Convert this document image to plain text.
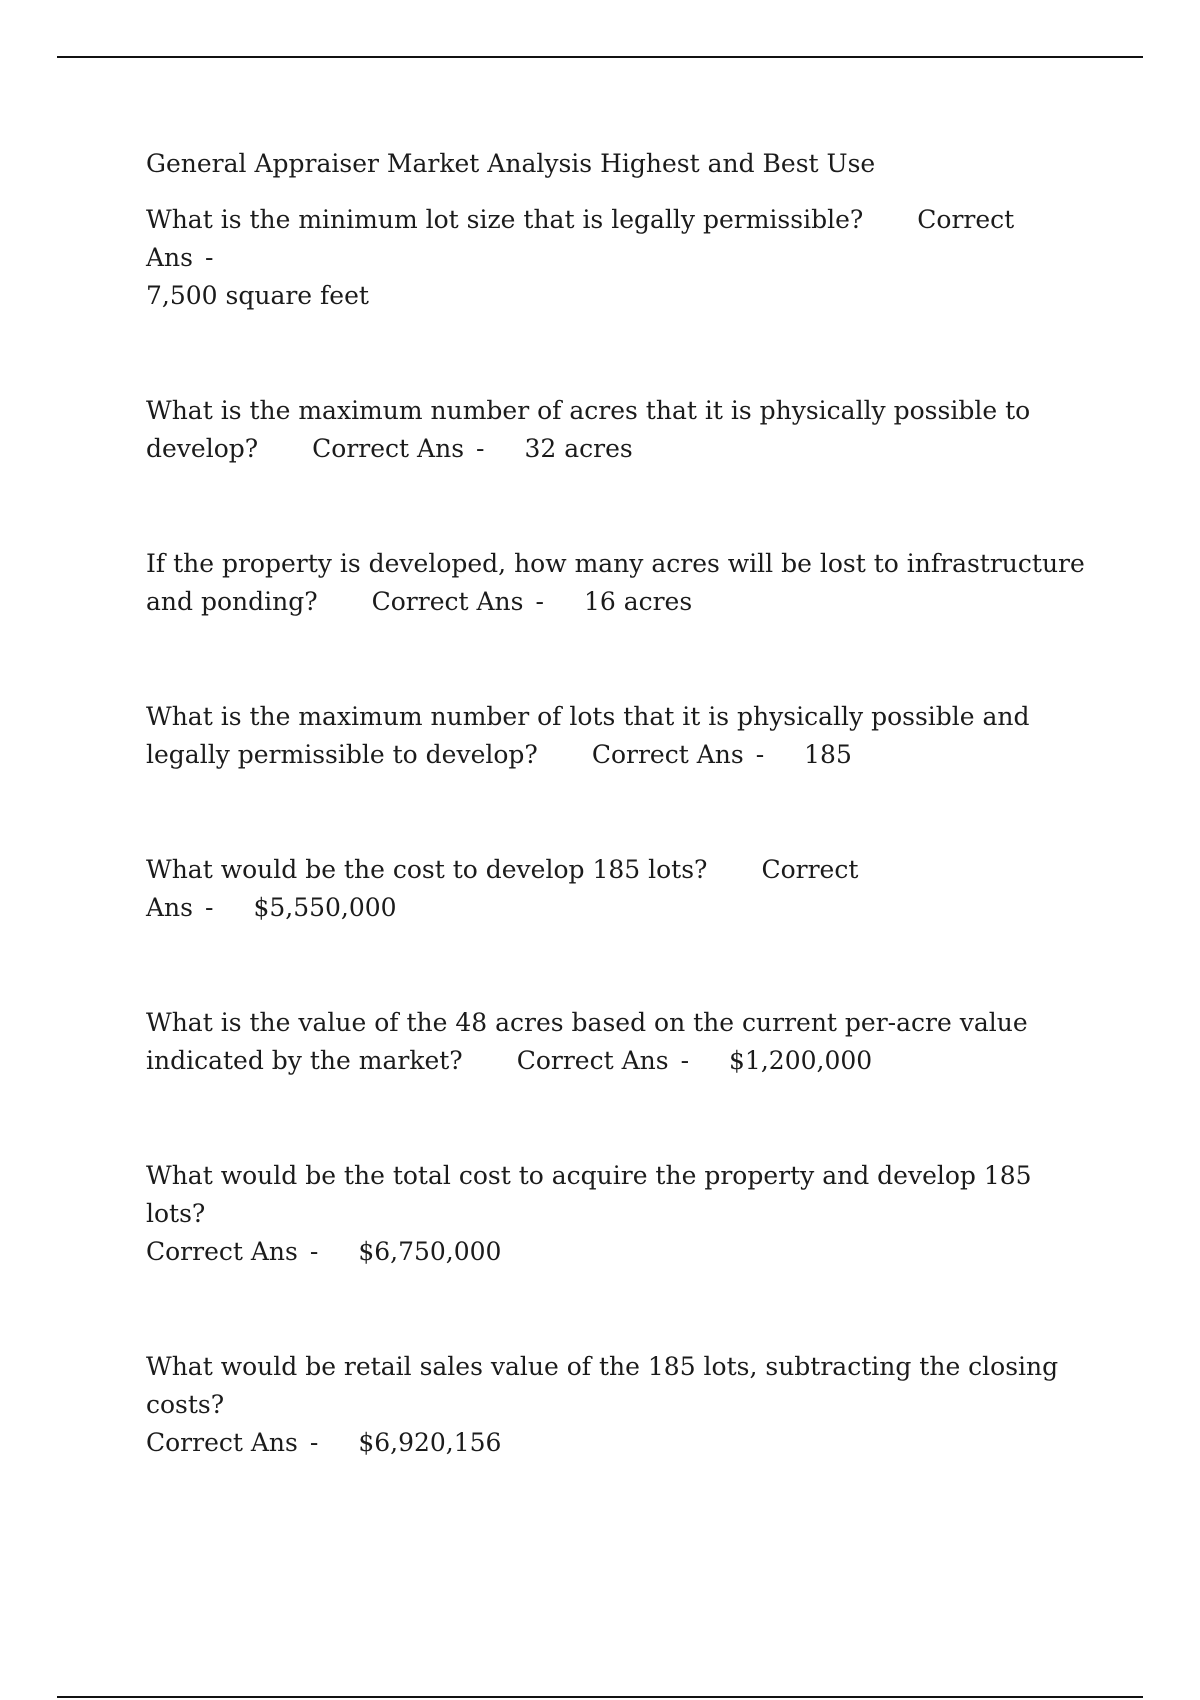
General Appraiser Market Analysis Highest and Best Use

What is the minimum lot size that is legally permissible? Correct Ans -
7,500 square feet

What is the maximum number of acres that it is physically possible to develop? Correct Ans - 32 acres

If the property is developed, how many acres will be lost to infrastructure and ponding? Correct Ans - 16 acres

What is the maximum number of lots that it is physically possible and legally permissible to develop? Correct Ans - 185

What would be the cost to develop 185 lots? Correct Ans - $5,550,000

What is the value of the 48 acres based on the current per-acre value indicated by the market? Correct Ans - $1,200,000

What would be the total cost to acquire the property and develop 185 lots?
Correct Ans - $6,750,000

What would be retail sales value of the 185 lots, subtracting the closing costs?
Correct Ans - $6,920,156
